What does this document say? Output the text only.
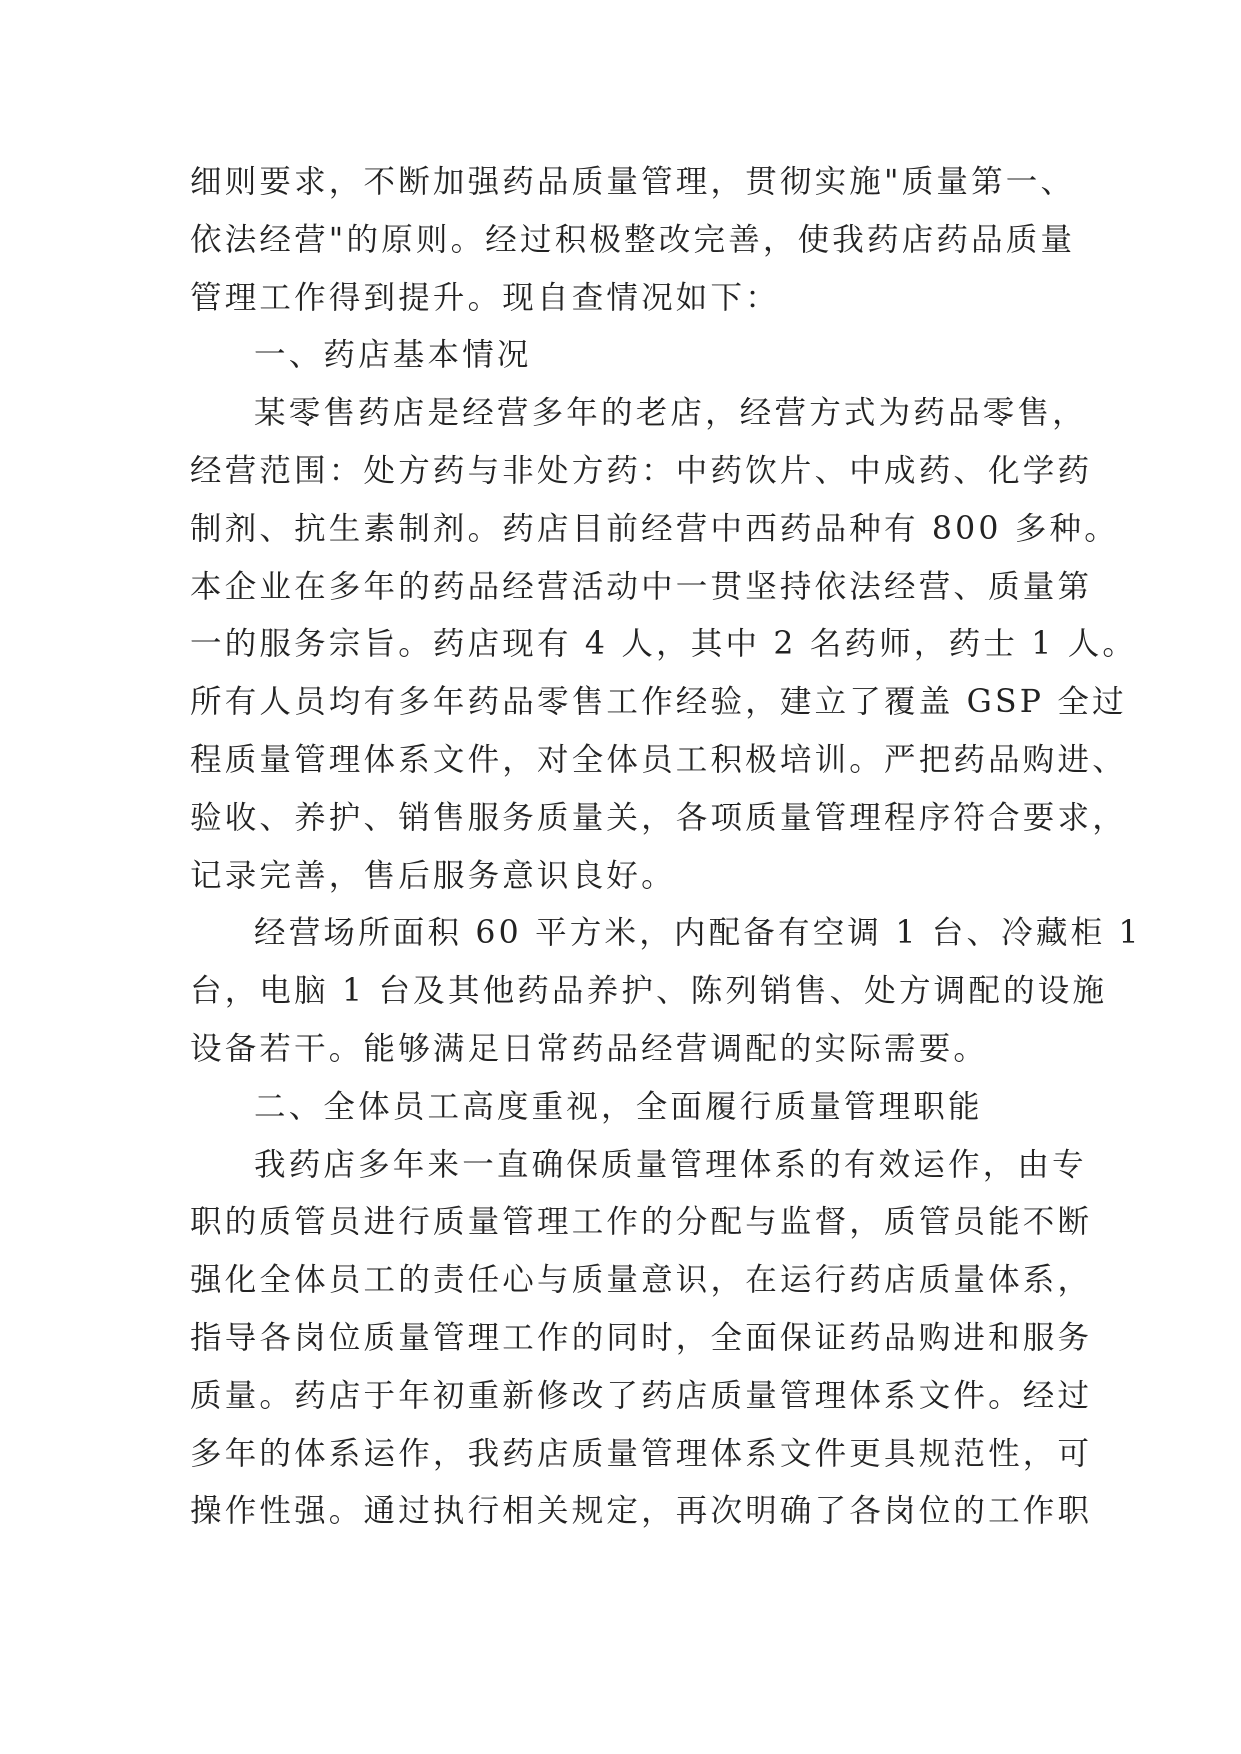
细则要求，不断加强药品质量管理，贯彻实施"质量第一、
依法经营"的原则。经过积极整改完善，使我药店药品质量
管理工作得到提升。现自查情况如下：
一、药店基本情况
某零售药店是经营多年的老店，经营方式为药品零售，
经营范围：处方药与非处方药：中药饮片、中成药、化学药
制剂、抗生素制剂。药店目前经营中西药品种有 800 多种。
本企业在多年的药品经营活动中一贯坚持依法经营、质量第
一的服务宗旨。药店现有 4 人，其中 2 名药师，药士 1 人。
所有人员均有多年药品零售工作经验，建立了覆盖 GSP 全过
程质量管理体系文件，对全体员工积极培训。严把药品购进、
验收、养护、销售服务质量关，各项质量管理程序符合要求，
记录完善，售后服务意识良好。
经营场所面积 60 平方米，内配备有空调 1 台、冷藏柜 1
台，电脑 1 台及其他药品养护、陈列销售、处方调配的设施
设备若干。能够满足日常药品经营调配的实际需要。
二、全体员工高度重视，全面履行质量管理职能
我药店多年来一直确保质量管理体系的有效运作，由专
职的质管员进行质量管理工作的分配与监督，质管员能不断
强化全体员工的责任心与质量意识，在运行药店质量体系，
指导各岗位质量管理工作的同时，全面保证药品购进和服务
质量。药店于年初重新修改了药店质量管理体系文件。经过
多年的体系运作，我药店质量管理体系文件更具规范性，可
操作性强。通过执行相关规定，再次明确了各岗位的工作职
